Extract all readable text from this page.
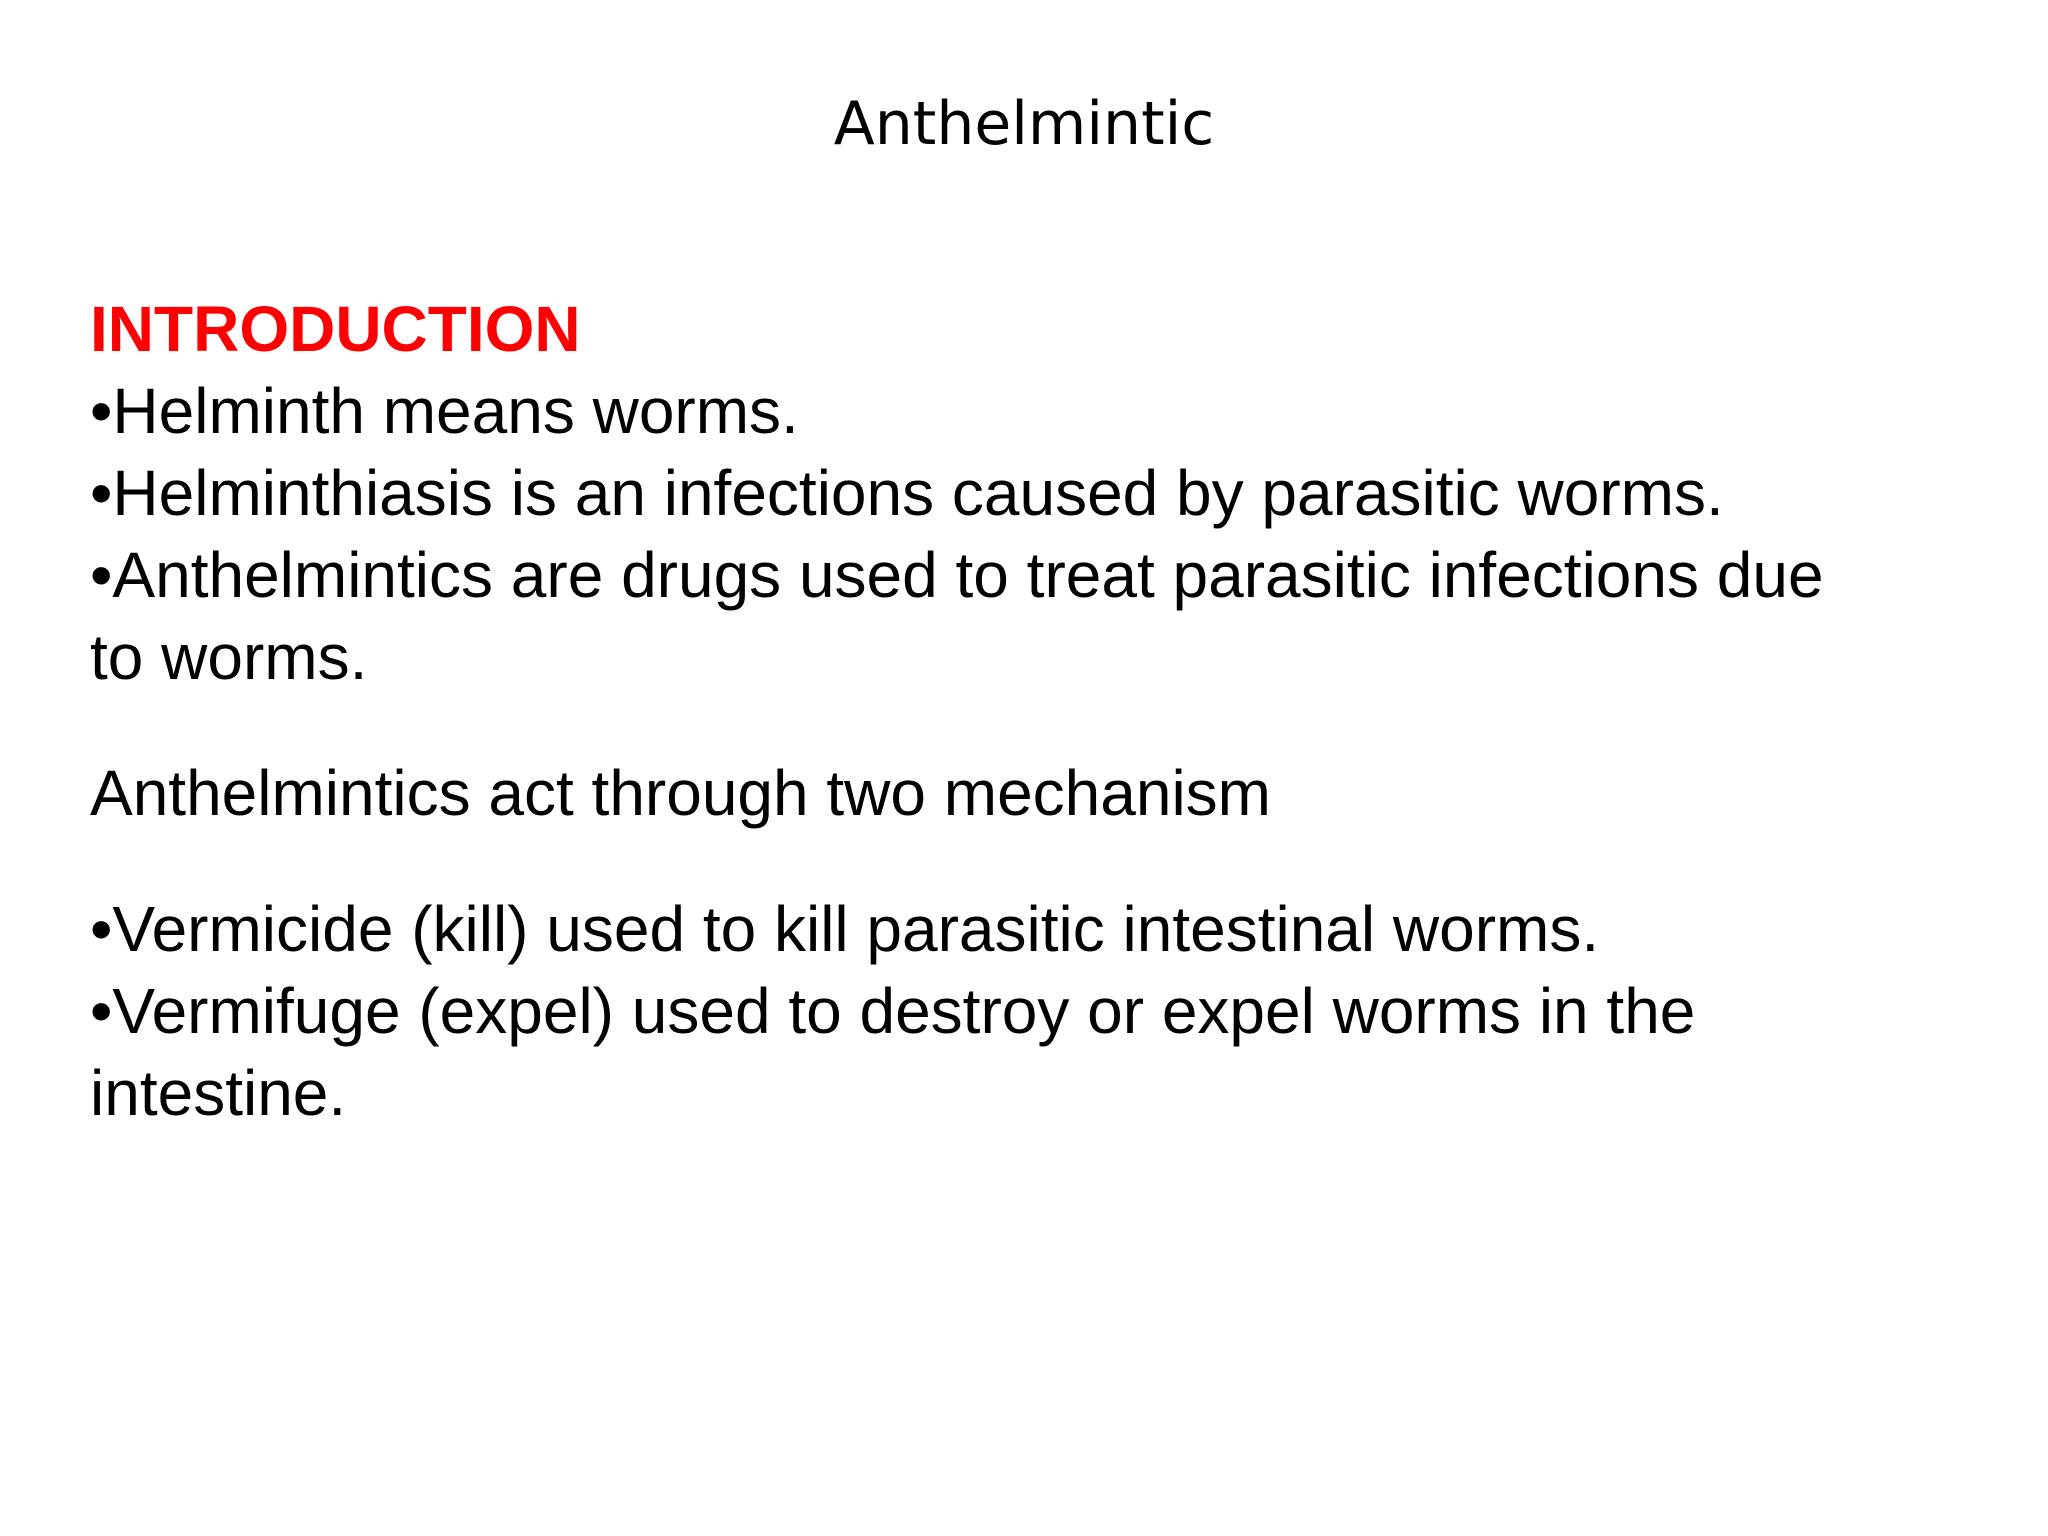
Anthelmintic
INTRODUCTION
•Helminth means worms.
•Helminthiasis is an infections caused by parasitic worms.
•Anthelmintics are drugs used to treat parasitic infections due to worms.
Anthelmintics act through two mechanism
•Vermicide (kill) used to kill parasitic intestinal worms.
•Vermifuge (expel) used to destroy or expel worms in the intestine.
